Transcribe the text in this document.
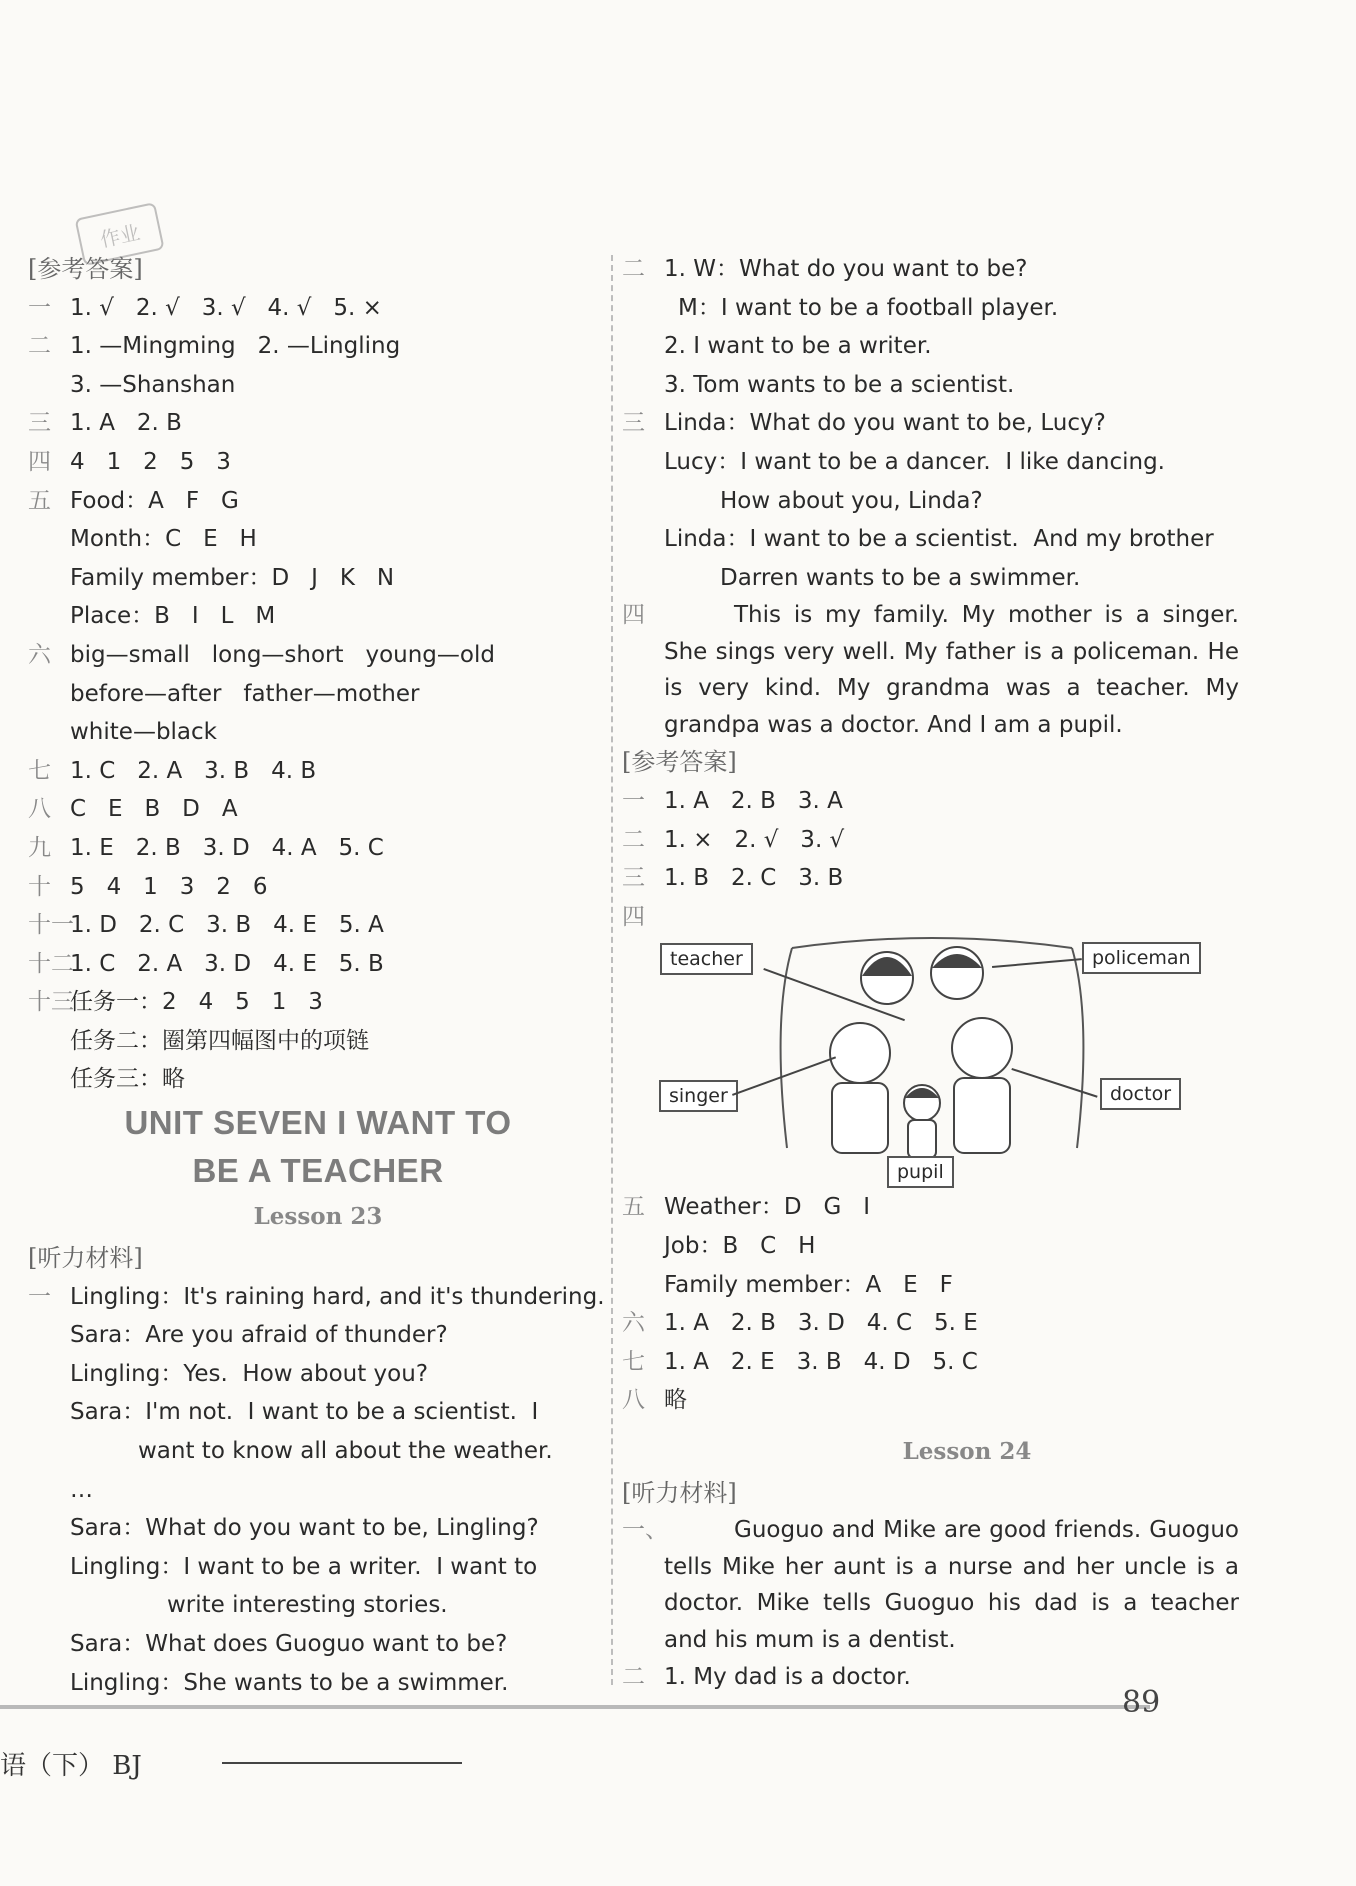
作业
[参考答案]
一 1. √   2. √   3. √   4. √   5. ×
二 1. —Mingming   2. —Lingling
3. —Shanshan
三 1. A   2. B
四 4   1   2   5   3
五 Food：A   F   G
Month：C   E   H
Family member：D   J   K   N
Place：B   I   L   M
六 big—small   long—short   young—old
before—after   father—mother
white—black
七 1. C   2. A   3. B   4. B
八 C   E   B   D   A
九 1. E   2. B   3. D   4. A   5. C
十 5   4   1   3   2   6
十一1. D   2. C   3. B   4. E   5. A
十二1. C   2. A   3. D   4. E   5. B
十三任务一：2   4   5   1   3
任务二：圈第四幅图中的项链
任务三：略
UNIT SEVEN I WANT TO
BE A TEACHER
Lesson 23
[听力材料]
一 Lingling：It's raining hard, and it's thundering.
Sara：Are you afraid of thunder?
Lingling：Yes.  How about you?
Sara：I'm not.  I want to be a scientist.  I
want to know all about the weather.
…
Sara：What do you want to be, Lingling?
Lingling：I want to be a writer.  I want to
write interesting stories.
Sara：What does Guoguo want to be?
Lingling：She wants to be a swimmer.
二 1. W：What do you want to be?
M：I want to be a football player.
2. I want to be a writer.
3. Tom wants to be a scientist.
三 Linda：What do you want to be, Lucy?
Lucy：I want to be a dancer.  I like dancing.
How about you, Linda?
Linda：I want to be a scientist.  And my brother
Darren wants to be a swimmer.
四	This is my family. My mother is a singer. She sings very well. My father is a policeman. He is very kind. My grandma was a teacher. My grandpa was a doctor. And I am a pupil.
[参考答案]
一 1. A   2. B   3. A
二 1. ×   2. √   3. √
三 1. B   2. C   3. B
四
teacher	policeman
singer	doctor
pupil
五 Weather：D   G   I
Job：B   C   H
Family member：A   E   F
六 1. A   2. B   3. D   4. C   5. E
七 1. A   2. E   3. B   4. D   5. C
八 略
Lesson 24
[听力材料]
一、	Guoguo and Mike are good friends. Guoguo tells Mike her aunt is a nurse and her uncle is a doctor. Mike tells Guoguo his dad is a teacher and his mum is a dentist.
二 1. My dad is a doctor.
语（下） BJ
89
